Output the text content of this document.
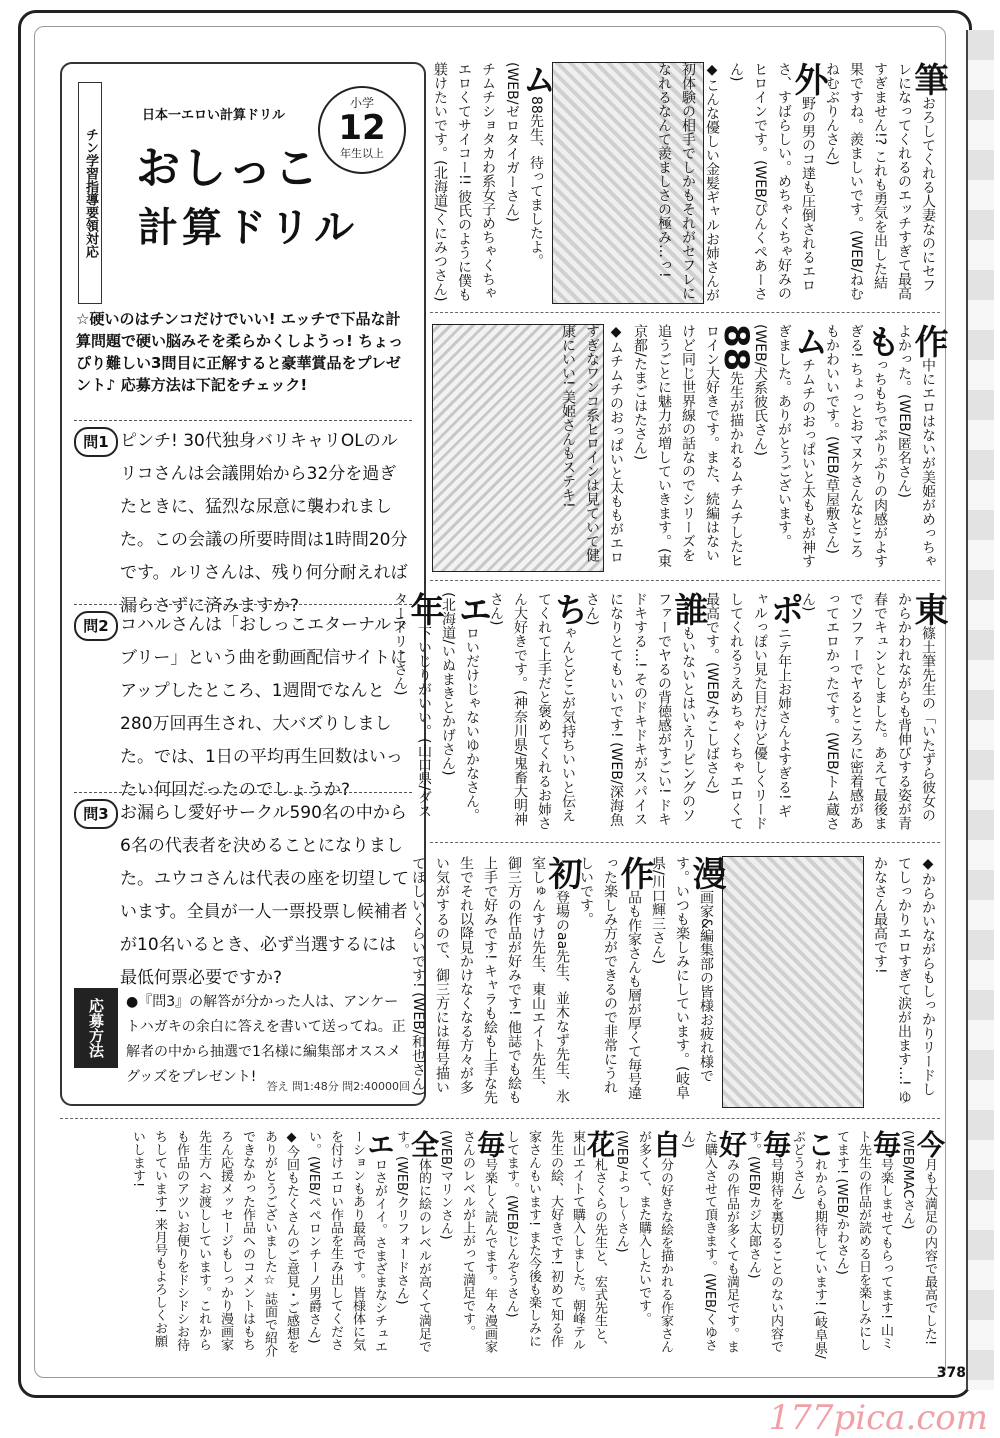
チン学習指導要領対応
日本一エロい計算ドリル
おしっこ
計算ドリル
小学
12
年生以上
☆硬いのはチンコだけでいい! エッチで下品な計算問題で硬い脳みそを柔らかくしようっ! ちょっぴり難しい3問目に正解すると豪華賞品をプレゼント♪ 応募方法は下記をチェック!
問1 ピンチ! 30代独身バリキャリOLのルリコさんは会議開始から32分を過ぎたときに、猛烈な尿意に襲われました。この会議の所要時間は1時間20分です。ルリさんは、残り何分耐えれば漏らさずに済みますか?
問2 コハルさんは「おしっこエターナルラブリー」という曲を動画配信サイトにアップしたところ、1週間でなんと280万回再生され、大バズりしました。では、1日の平均再生回数はいったい何回だったのでしょうか?
問3 お漏らし愛好サークル590名の中から6名の代表者を決めることになりました。ユウコさんは代表の座を切望しています。全員が一人一票投票し候補者が10名いるとき、必ず当選するには最低何票必要ですか?
応募方法	●『問3』の解答が分かった人は、アンケートハガキの余白に答えを書いて送ってね。正解者の中から抽選で1名様に編集部オススメグッズをプレゼント!
答え 問1:48分 問2:40000回
筆おろしてくれる人妻なのにセフレになってくれるのエッチすぎて最高すぎません!? これも勇気を出した結果ですね。羨ましいです。(WEB/ねむねむぶりんさん)
外野の男のコ達も圧倒されるエロさ、すばらしい。めちゃくちゃ好みのヒロインです。(WEB/ぴんくぺあーさん)
◆こんな優しい金髪ギャルお姉さんが初体験の相手でしかもそれがセフレになれるなんて羨ましさの極み…っ!
ム88先生、待ってましたよ。(WEB/ゼロタイガーさん)
チムチショタカわ系女子めちゃくちゃエロくてサイコー!! 彼氏のように僕も躾けたいです。(北海道/くにみつさん)
作中にエロはないが美姫がめっちゃよかった。(WEB/匿名さん)
もっちもちでぷりぷりの肉感がよすぎる! ちょっとおマヌケさんなところもかわいいです。(WEB/草屋敷さん)
ムチムチのおっぱいと太ももが神すぎました。ありがとうございます。(WEB/犬系彼氏さん)
88先生が描かれるムチムチしたヒロイン大好きです。また、続編はないけど同じ世界線の話なのでシリーズを追うごとに魅力が増していきます。(東京都/たまごはたさん)
◆ムチムチのおっぱいと太ももがエロすぎなワンコ系ヒロインは見ていて健康にいい! 美姫さんもステキ!
東篠土筆先生の「いたずら彼女のからかわれながらも背伸びする姿が青春でキュンとしました。あえて最後までソファーでヤるところに密着感があってエロかったです。(WEB/トム蔵さん)
ポニテ年上お姉さんよすぎる! ギャルっぽい見た目だけど優しくリードしてくれるうえめちゃくちゃエロくて最高です。(WEB/みこしばさん)
誰もいないとはいえリビングのソファーでヤるの背徳感がすごい! ドキドキする…! そのドキドキがスパイスになりとてもいいです! (WEB/深海魚さん)
ちゃんとどこが気持ちいいと伝えてくれて上手だと褒めてくれるお姉さん大好きです。(神奈川県/鬼畜大明神さん)
エロいだけじゃないゆかなさん。(北海道/いぬまきとかげさん)
年下いじりがいい。(山口県/ダスタードリーさん)
◆からかいながらもしっかりリードしてしっかりエロすぎて涙が出ます…! ゆかなさん最高です!
漫画家&編集部の皆様お疲れ様です。いつも楽しみにしています。(岐阜県/川口輝三さん)
作品も作家さんも層が厚くて毎号違った楽しみ方ができるので非常にうれしいです。
初登場のaa先生、並木なず先生、氷室しゅんすけ先生、東山エイト先生、御三方の作品が好みです! 他誌でも絵も上手で好みです! キャラも絵も上手な先生でそれ以降見かけなくなる方々が多い気がするので、御三方には毎号描いてほしいくらいです! (WEB/和也さん)
今月も大満足の内容で最高でした! (WEB/MACさん)
毎号楽しませてもらってます! 山ミト先生の作品が読める日を楽しみにしてます! (WEB/かわさん)
これからも期待しています! (岐阜県/ぶどうさん)
毎号期待を裏切ることのない内容です。(WEB/カジ太郎さん)
好みの作品が多くても満足です。また購入させて頂きます。(WEB/くゆさん)
自分の好きな絵を描かれる作家さんが多くて、また購入したいです。(WEB/よっし〜さん)
花札さくらの先生と、宏式先生と、東山エイトて購入しました。朝峰テル先生の絵、大好きです! 初めて知る作家さんもいます! また今後も楽しみにしてます。(WEB/じんぞうさん)
毎号楽しく読んでます。年々漫画家さんのレベルが上がって満足です。(WEB/マリンさん)
全体的に絵のレベルが高くて満足です。(WEB/クリフォードさん)
エロさがイイ。さまざまなシチュエーションもあり最高です。皆様体に気を付けエロい作品を生み出してください。(WEB/ペペロンチーノ男爵さん)
◆今回もたくさんのご意見・ご感想をありがとうございました☆ 誌面で紹介できなかった作品へのコメントはもちろん応援メッセージもしっかり漫画家先生方へお渡ししています。これからも作品のアツいお便りをドシドシお待ちしています! 来月号もよろしくお願いします!
378
177pica.com
